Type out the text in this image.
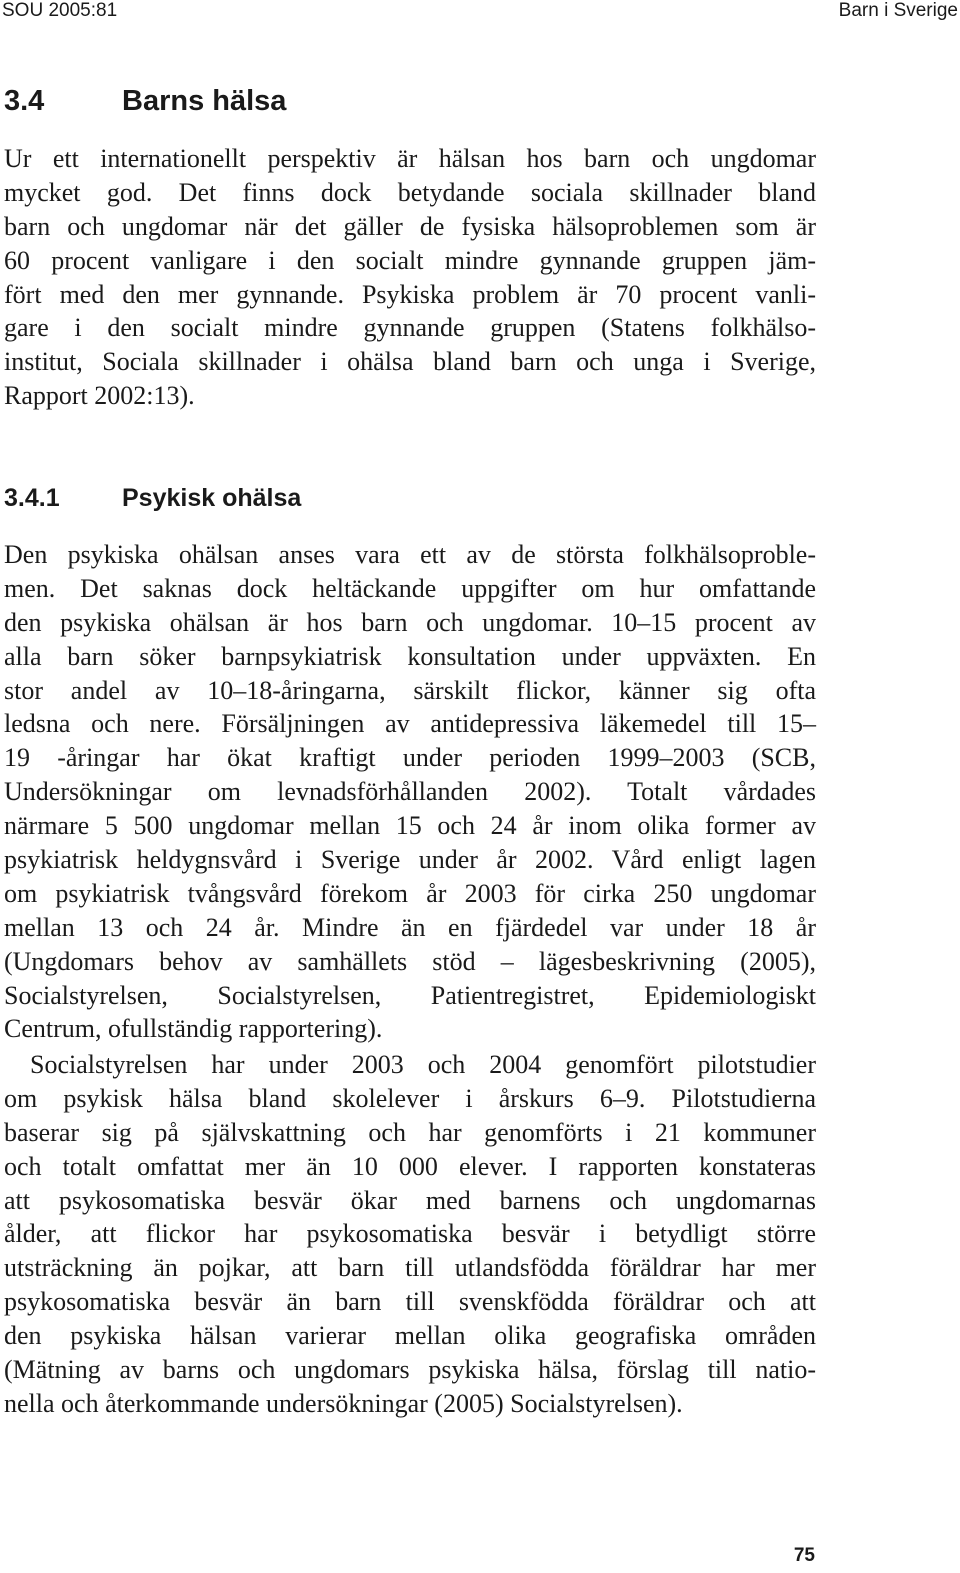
SOU 2005:81	Barn i Sverige
3.4	Barns hälsa
Ur ett internationellt perspektiv är hälsan hos barn och ungdomar
mycket god. Det finns dock betydande sociala skillnader bland
barn och ungdomar när det gäller de fysiska hälsoproblemen som är
60 procent vanligare i den socialt mindre gynnande gruppen jäm-
fört med den mer gynnande. Psykiska problem är 70 procent vanli-
gare i den socialt mindre gynnande gruppen (Statens folkhälso-
institut, Sociala skillnader i ohälsa bland barn och unga i Sverige,
Rapport 2002:13).
3.4.1 Psykisk ohälsa
Den psykiska ohälsan anses vara ett av de största folkhälsoproble-
men. Det saknas dock heltäckande uppgifter om hur omfattande
den psykiska ohälsan är hos barn och ungdomar. 10–15 procent av
alla barn söker barnpsykiatrisk konsultation under uppväxten. En
stor andel av 10–18-åringarna, särskilt flickor, känner sig ofta
ledsna och nere. Försäljningen av antidepressiva läkemedel till 15–
19 -åringar har ökat kraftigt under perioden 1999–2003 (SCB,
Undersökningar om levnadsförhållanden 2002). Totalt vårdades
närmare 5 500 ungdomar mellan 15 och 24 år inom olika former av
psykiatrisk heldygnsvård i Sverige under år 2002. Vård enligt lagen
om psykiatrisk tvångsvård förekom år 2003 för cirka 250 ungdomar
mellan 13 och 24 år. Mindre än en fjärdedel var under 18 år
(Ungdomars behov av samhällets stöd – lägesbeskrivning (2005),
Socialstyrelsen, Socialstyrelsen, Patientregistret, Epidemiologiskt
Centrum, ofullständig rapportering).
Socialstyrelsen har under 2003 och 2004 genomfört pilotstudier
om psykisk hälsa bland skolelever i årskurs 6–9. Pilotstudierna
baserar sig på självskattning och har genomförts i 21 kommuner
och totalt omfattat mer än 10 000 elever. I rapporten konstateras
att psykosomatiska besvär ökar med barnens och ungdomarnas
ålder, att flickor har psykosomatiska besvär i betydligt större
utsträckning än pojkar, att barn till utlandsfödda föräldrar har mer
psykosomatiska besvär än barn till svenskfödda föräldrar och att
den psykiska hälsan varierar mellan olika geografiska områden
(Mätning av barns och ungdomars psykiska hälsa, förslag till natio-
nella och återkommande undersökningar (2005) Socialstyrelsen).
75
